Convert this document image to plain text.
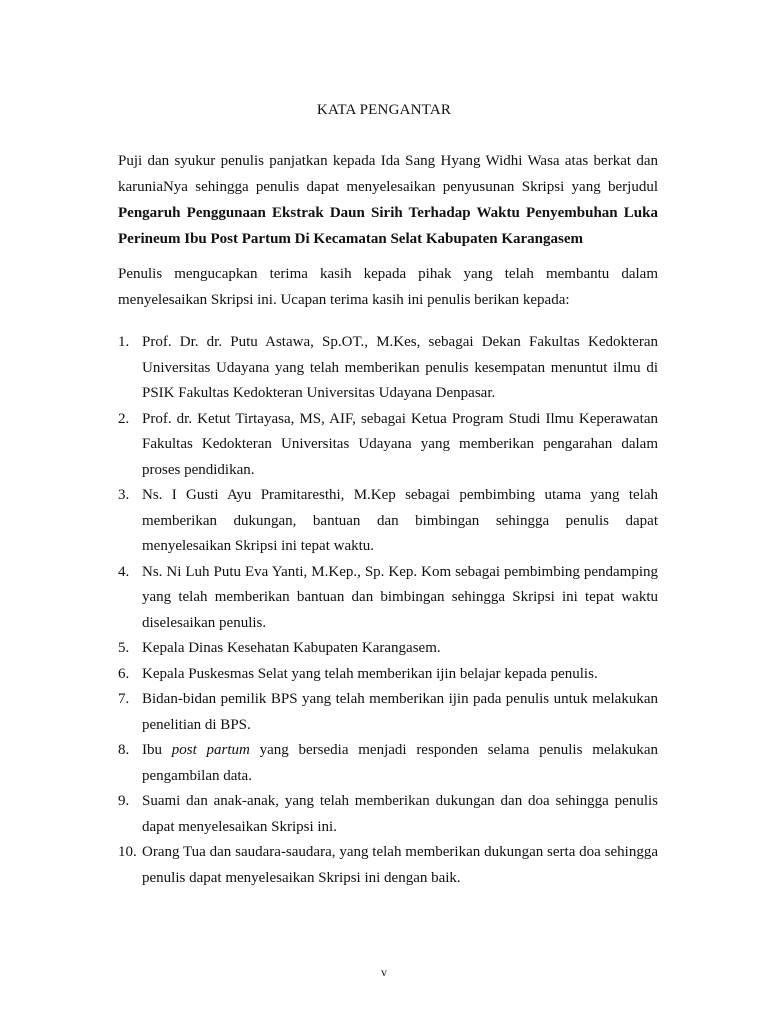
KATA PENGANTAR

Puji dan syukur penulis panjatkan kepada Ida Sang Hyang Widhi Wasa atas berkat dan karuniaNya sehingga penulis dapat menyelesaikan penyusunan Skripsi yang berjudul Pengaruh Penggunaan Ekstrak Daun Sirih Terhadap Waktu Penyembuhan Luka Perineum Ibu Post Partum Di Kecamatan Selat Kabupaten Karangasem

Penulis mengucapkan terima kasih kepada pihak yang telah membantu dalam menyelesaikan Skripsi ini. Ucapan terima kasih ini penulis berikan kepada:

1. Prof. Dr. dr. Putu Astawa, Sp.OT., M.Kes, sebagai Dekan Fakultas Kedokteran Universitas Udayana yang telah memberikan penulis kesempatan menuntut ilmu di PSIK Fakultas Kedokteran Universitas Udayana Denpasar.
2. Prof. dr. Ketut Tirtayasa, MS, AIF, sebagai Ketua Program Studi Ilmu Keperawatan Fakultas Kedokteran Universitas Udayana yang memberikan pengarahan dalam proses pendidikan.
3. Ns. I Gusti Ayu Pramitaresthi, M.Kep sebagai pembimbing utama yang telah memberikan dukungan, bantuan dan bimbingan sehingga penulis dapat menyelesaikan Skripsi ini tepat waktu.
4. Ns. Ni Luh Putu Eva Yanti, M.Kep., Sp. Kep. Kom sebagai pembimbing pendamping yang telah memberikan bantuan dan bimbingan sehingga Skripsi ini tepat waktu diselesaikan penulis.
5. Kepala Dinas Kesehatan Kabupaten Karangasem.
6. Kepala Puskesmas Selat yang telah memberikan ijin belajar kepada penulis.
7. Bidan-bidan pemilik BPS yang telah memberikan ijin pada penulis untuk melakukan penelitian di BPS.
8. Ibu post partum yang bersedia menjadi responden selama penulis melakukan pengambilan data.
9. Suami dan anak-anak, yang telah memberikan dukungan dan doa sehingga penulis dapat menyelesaikan Skripsi ini.
10. Orang Tua dan saudara-saudara, yang telah memberikan dukungan serta doa sehingga penulis dapat menyelesaikan Skripsi ini dengan baik.
v
